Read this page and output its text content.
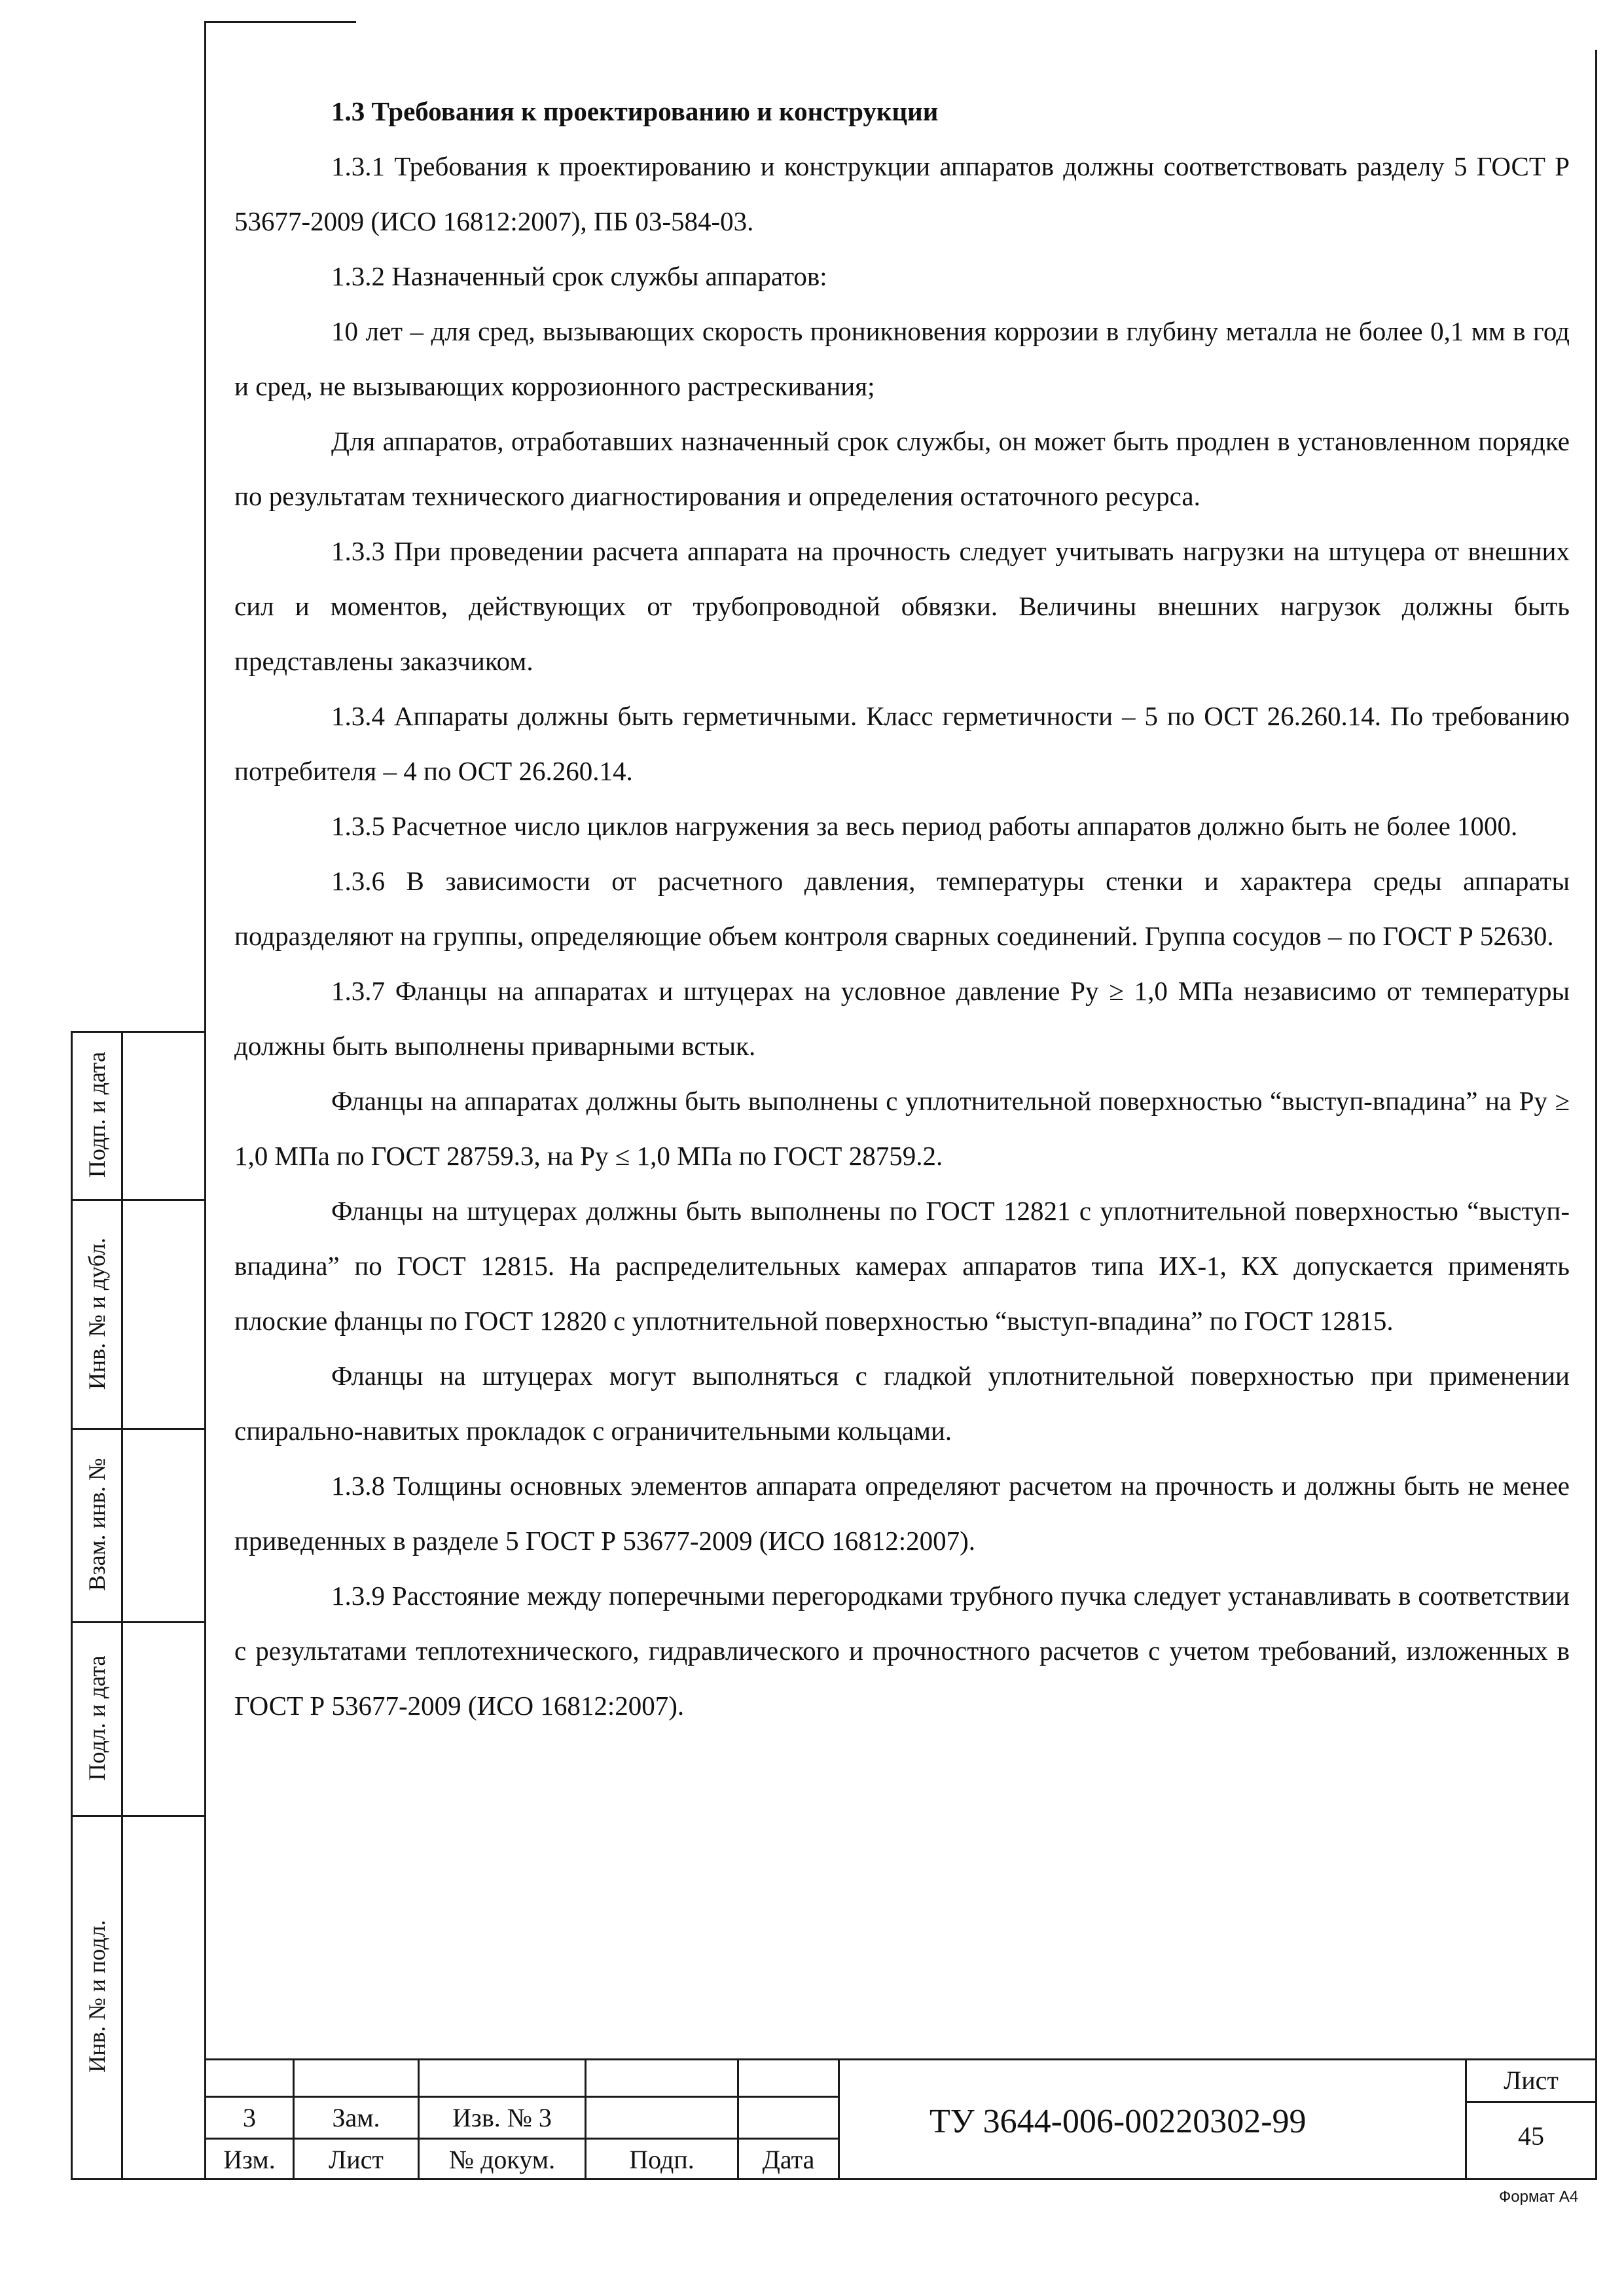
Подп. и дата
Инв. № и дубл.
Взам. инв. №
Подл. и дата
Инв. № и подл.
1.3 Требования к проектированию и конструкции

1.3.1 Требования к проектированию и конструкции аппаратов должны соответствовать разделу 5 ГОСТ Р 53677-2009 (ИСО 16812:2007), ПБ 03-584-03.

1.3.2 Назначенный срок службы аппаратов:

10 лет – для сред, вызывающих скорость проникновения коррозии в глубину металла не более 0,1 мм в год и сред, не вызывающих коррозионного растрескивания;

Для аппаратов, отработавших назначенный срок службы, он может быть продлен в установленном порядке по результатам технического диагностирования и определения остаточного ресурса.

1.3.3 При проведении расчета аппарата на прочность следует учитывать нагрузки на штуцера от внешних сил и моментов, действующих от трубопроводной обвязки. Величины внешних нагрузок должны быть представлены заказчиком.

1.3.4 Аппараты должны быть герметичными. Класс герметичности – 5 по ОСТ 26.260.14. По требованию потребителя – 4 по ОСТ 26.260.14.

1.3.5 Расчетное число циклов нагружения за весь период работы аппаратов должно быть не более 1000.

1.3.6 В зависимости от расчетного давления, температуры стенки и характера среды аппараты подразделяют на группы, определяющие объем контроля сварных соединений. Группа сосудов – по ГОСТ Р 52630.

1.3.7 Фланцы на аппаратах и штуцерах на условное давление Ру ≥ 1,0 МПа независимо от температуры должны быть выполнены приварными встык.

Фланцы на аппаратах должны быть выполнены с уплотнительной поверхностью “выступ-впадина” на Ру ≥ 1,0 МПа по ГОСТ 28759.3, на Ру ≤ 1,0 МПа по ГОСТ 28759.2.

Фланцы на штуцерах должны быть выполнены по ГОСТ 12821 с уплотнительной поверхностью “выступ-впадина” по ГОСТ 12815. На распределительных камерах аппаратов типа ИХ-1, КХ допускается применять плоские фланцы по ГОСТ 12820 с уплотнительной поверхностью “выступ-впадина” по ГОСТ 12815.

Фланцы на штуцерах могут выполняться с гладкой уплотнительной поверхностью при применении спирально-навитых прокладок с ограничительными кольцами.

1.3.8 Толщины основных элементов аппарата определяют расчетом на прочность и должны быть не менее приведенных в разделе 5 ГОСТ Р 53677-2009 (ИСО 16812:2007).

1.3.9 Расстояние между поперечными перегородками трубного пучка следует устанавливать в соответствии с результатами теплотехнического, гидравлического и прочностного расчетов с учетом требований, изложенных в ГОСТ Р 53677-2009 (ИСО 16812:2007).

3	Зам.	Изв. № 3
Изм.	Лист	№ докум.	Подп.	Дата
ТУ 3644-006-00220302-99
Лист
45
Формат А4
